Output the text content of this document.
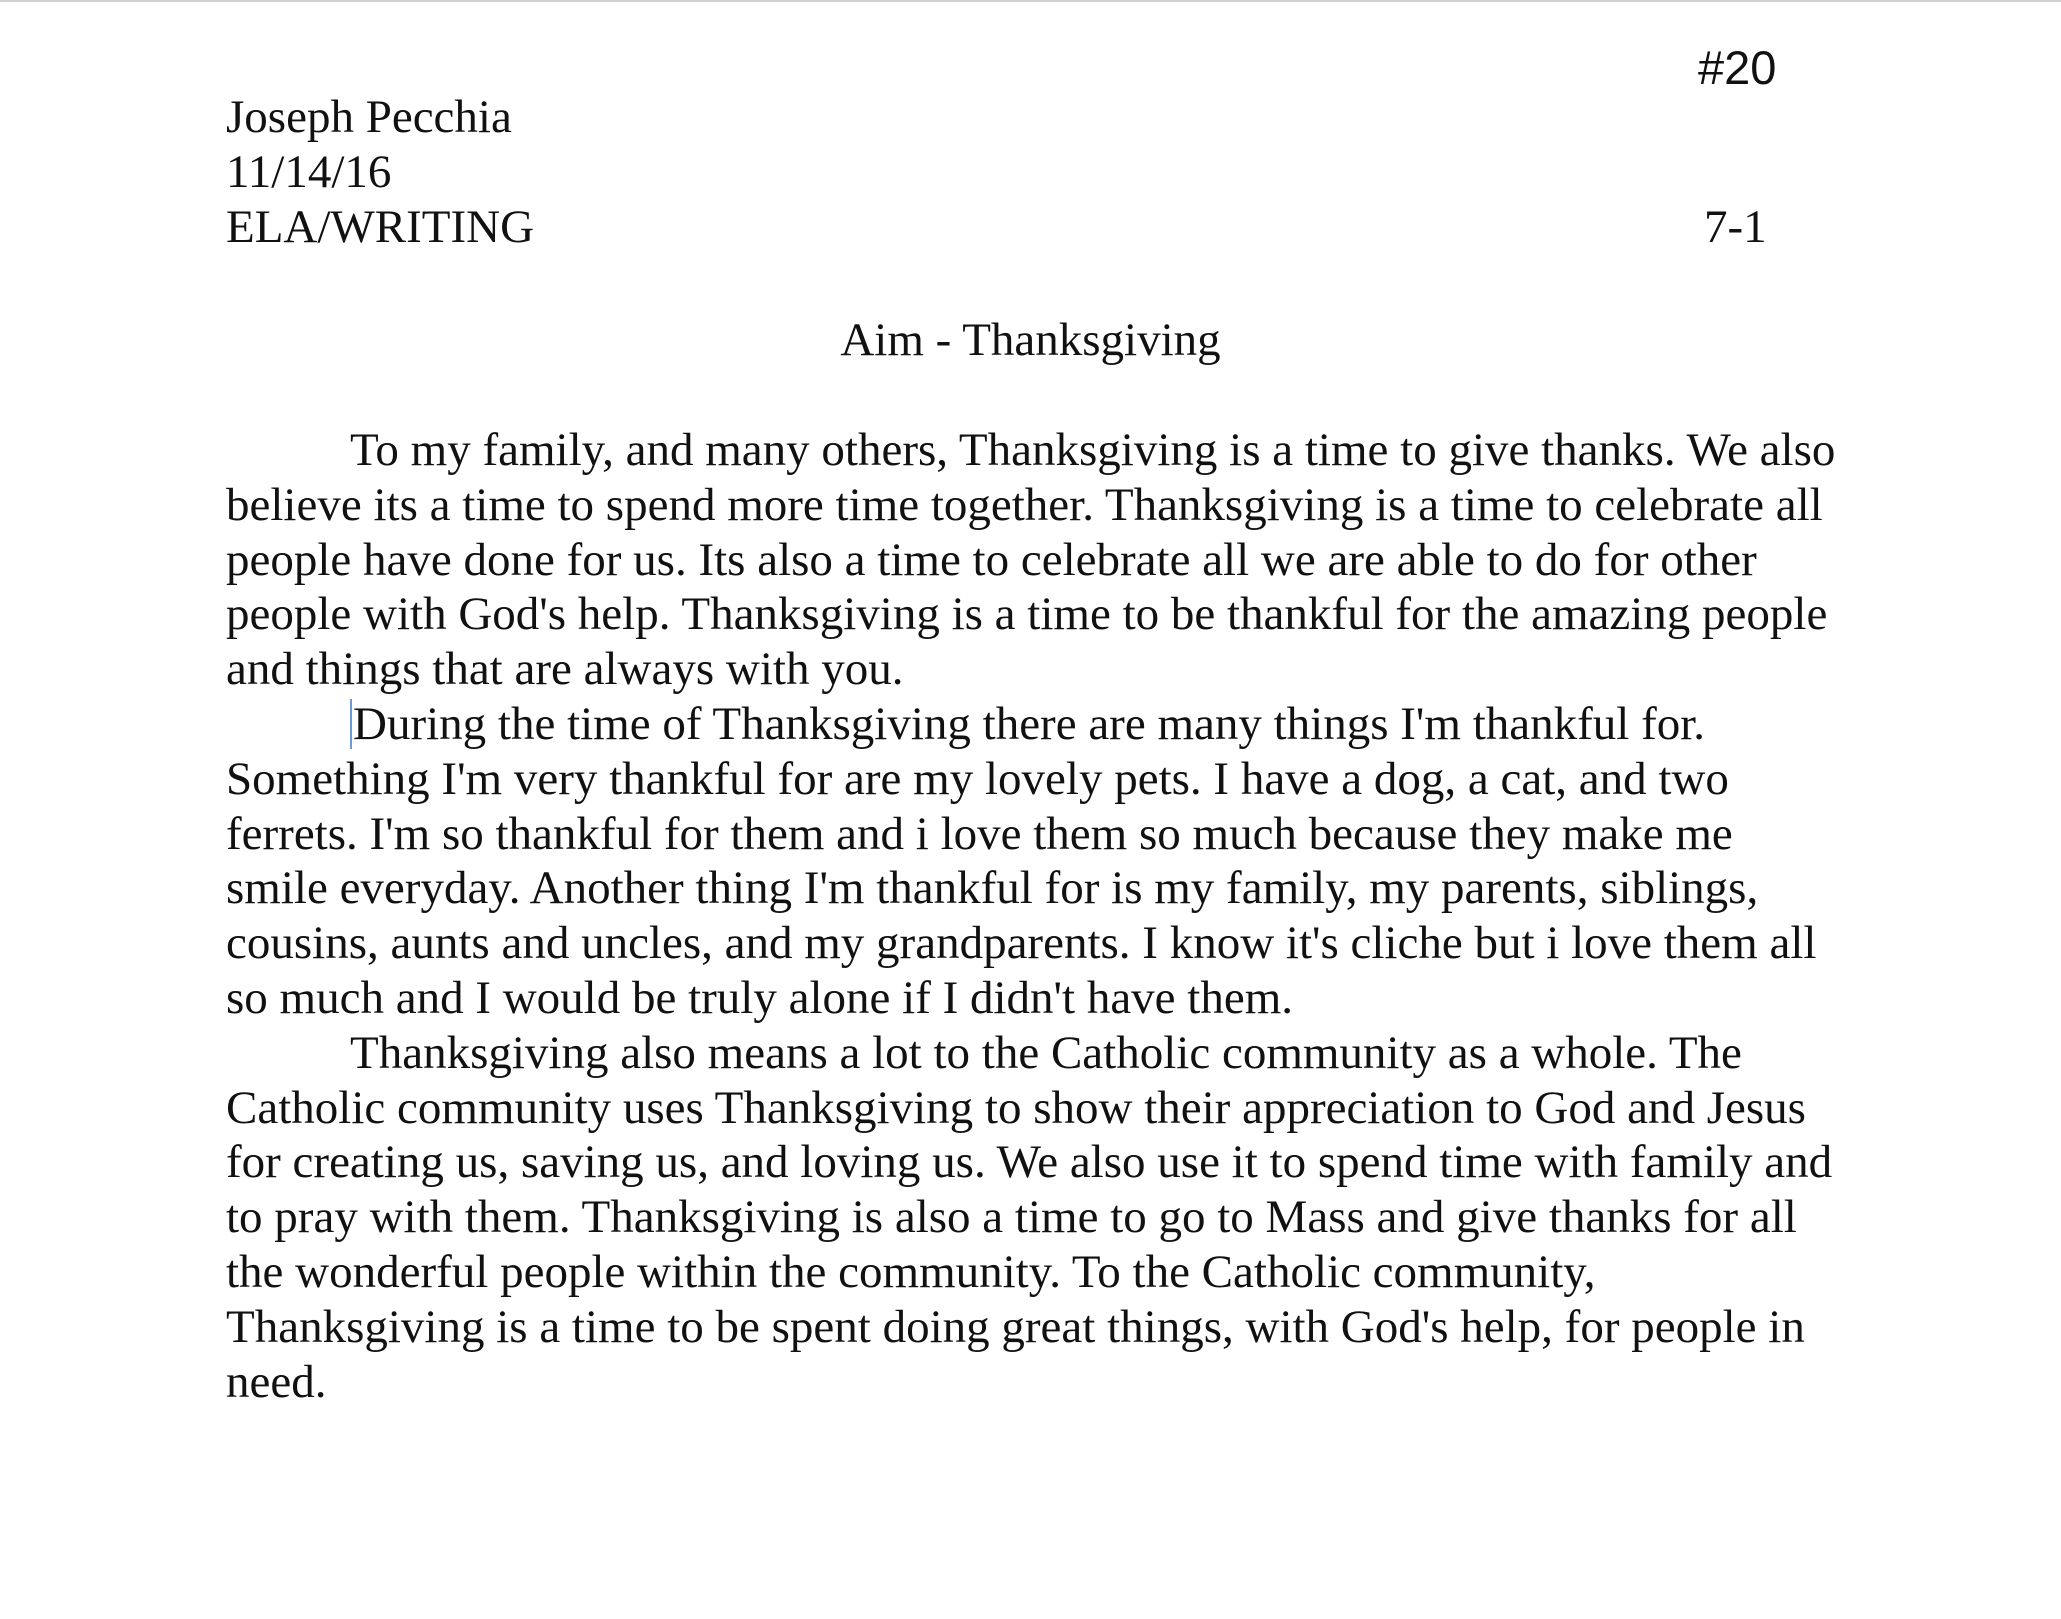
#20
Joseph Pecchia
11/14/16
ELA/WRITING	7-1
Aim - Thanksgiving

To my family, and many others, Thanksgiving is a time to give thanks. We also believe its a time to spend more time together. Thanksgiving is a time to celebrate all people have done for us. Its also a time to celebrate all we are able to do for other people with God's help. Thanksgiving is a time to be thankful for the amazing people and things that are always with you.

During the time of Thanksgiving there are many things I'm thankful for. Something I'm very thankful for are my lovely pets. I have a dog, a cat, and two ferrets. I'm so thankful for them and i love them so much because they make me smile everyday. Another thing I'm thankful for is my family, my parents, siblings, cousins, aunts and uncles, and my grandparents. I know it's cliche but i love them all so much and I would be truly alone if I didn't have them.

Thanksgiving also means a lot to the Catholic community as a whole. The Catholic community uses Thanksgiving to show their appreciation to God and Jesus for creating us, saving us, and loving us. We also use it to spend time with family and to pray with them. Thanksgiving is also a time to go to Mass and give thanks for all the wonderful people within the community. To the Catholic community, Thanksgiving is a time to be spent doing great things, with God's help, for people in need.
